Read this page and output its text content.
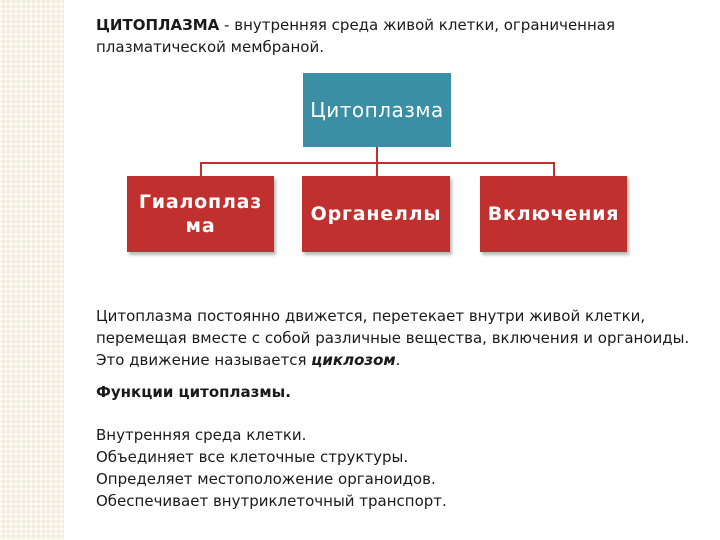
ЦИТОПЛАЗМА - внутренняя среда живой клетки, ограниченная плазматической мембраной.

Цитоплазма
Гиалоплаз ма
Органеллы	Включения

Цитоплазма постоянно движется, перетекает внутри живой клетки, перемещая вместе с собой различные вещества, включения и органоиды. Это движение называется циклозом.

Функции цитоплазмы.

Внутренняя среда клетки.
Объединяет все клеточные структуры.
Определяет местоположение органоидов.
Обеспечивает внутриклеточный транспорт.
